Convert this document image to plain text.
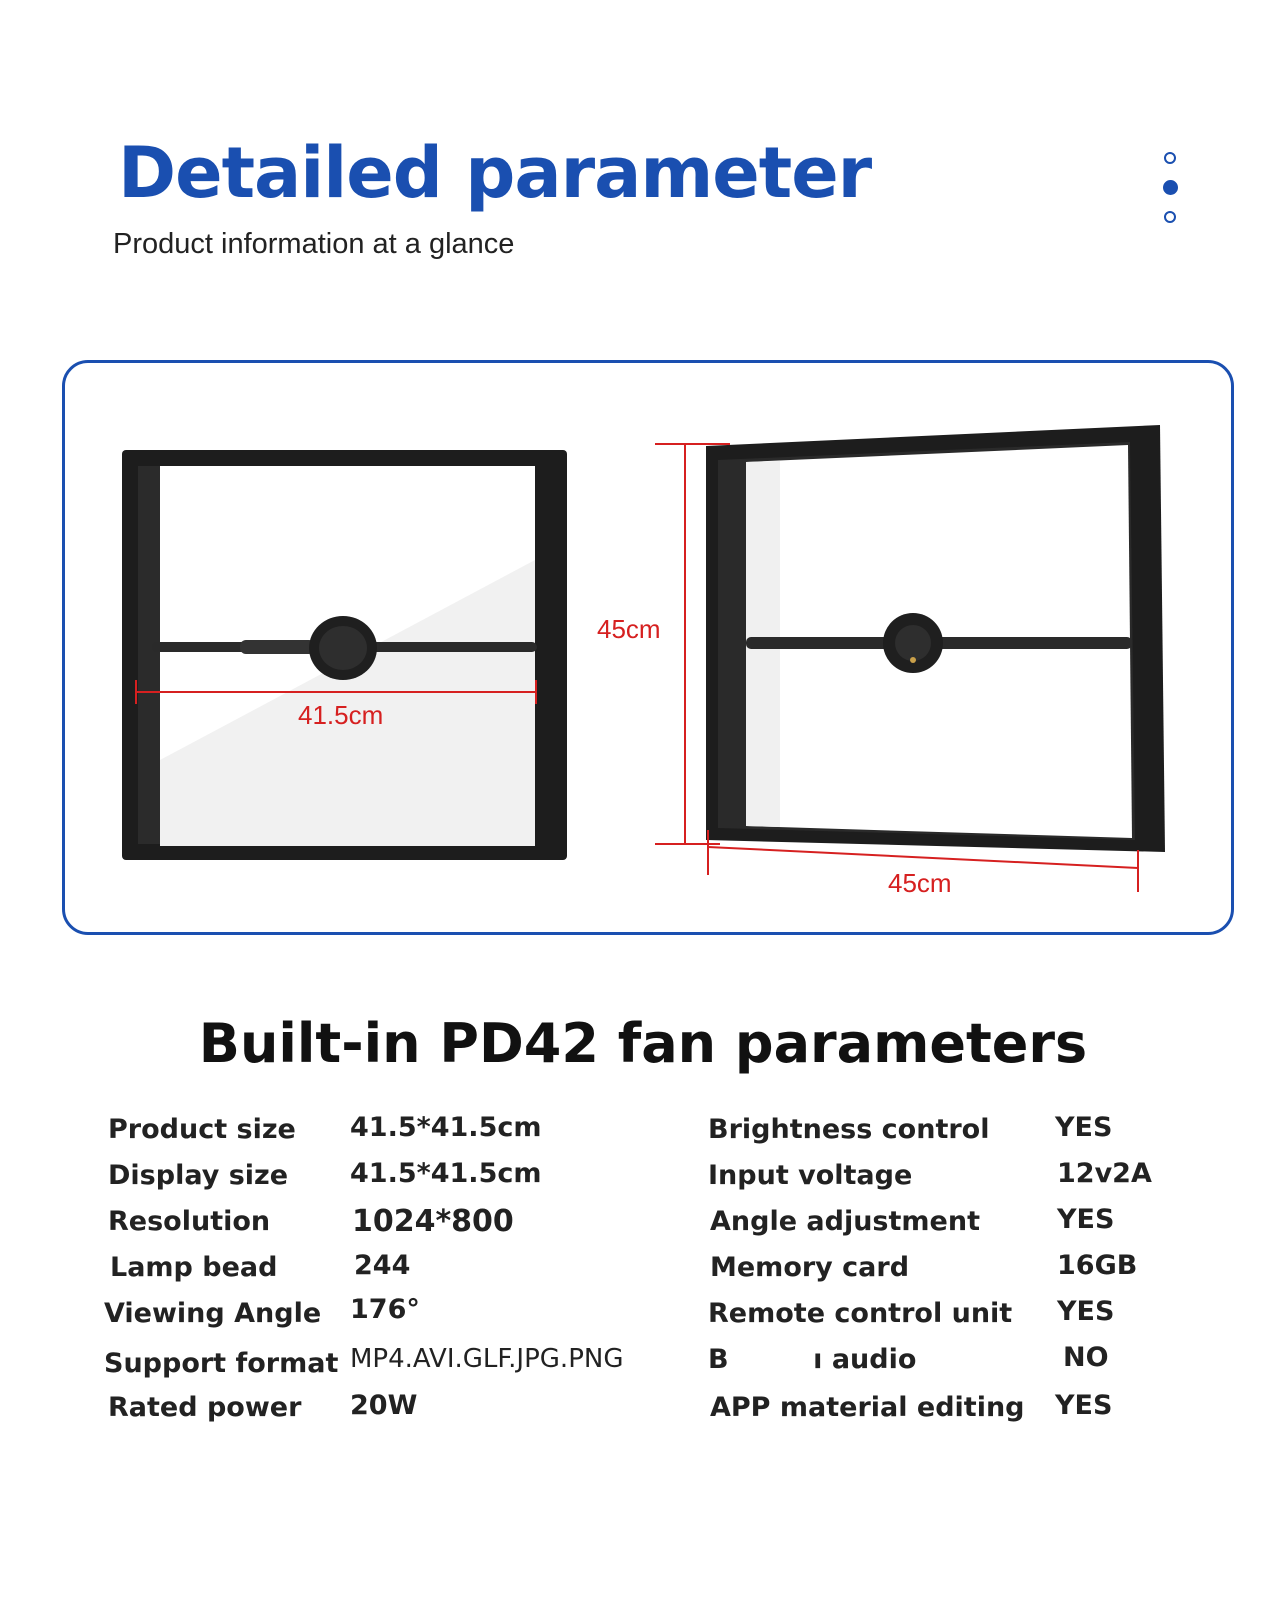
Detailed parameter

Product information at a glance

41.5cm
45cm
45cm
Built-in PD42 fan parameters
Product size 41.5*41.5cm
Display size 41.5*41.5cm
Resolution	1024*800
Lamp bead	244
Viewing Angle 176°
Support format MP4.AVI.GLF.JPG.PNG
Rated power 20W
Brightness control YES
Input voltage	12v2A
Angle adjustment	YES
Memory card	16GB
Remote control unit YES
B         ı audio	NO
APP material editing YES
